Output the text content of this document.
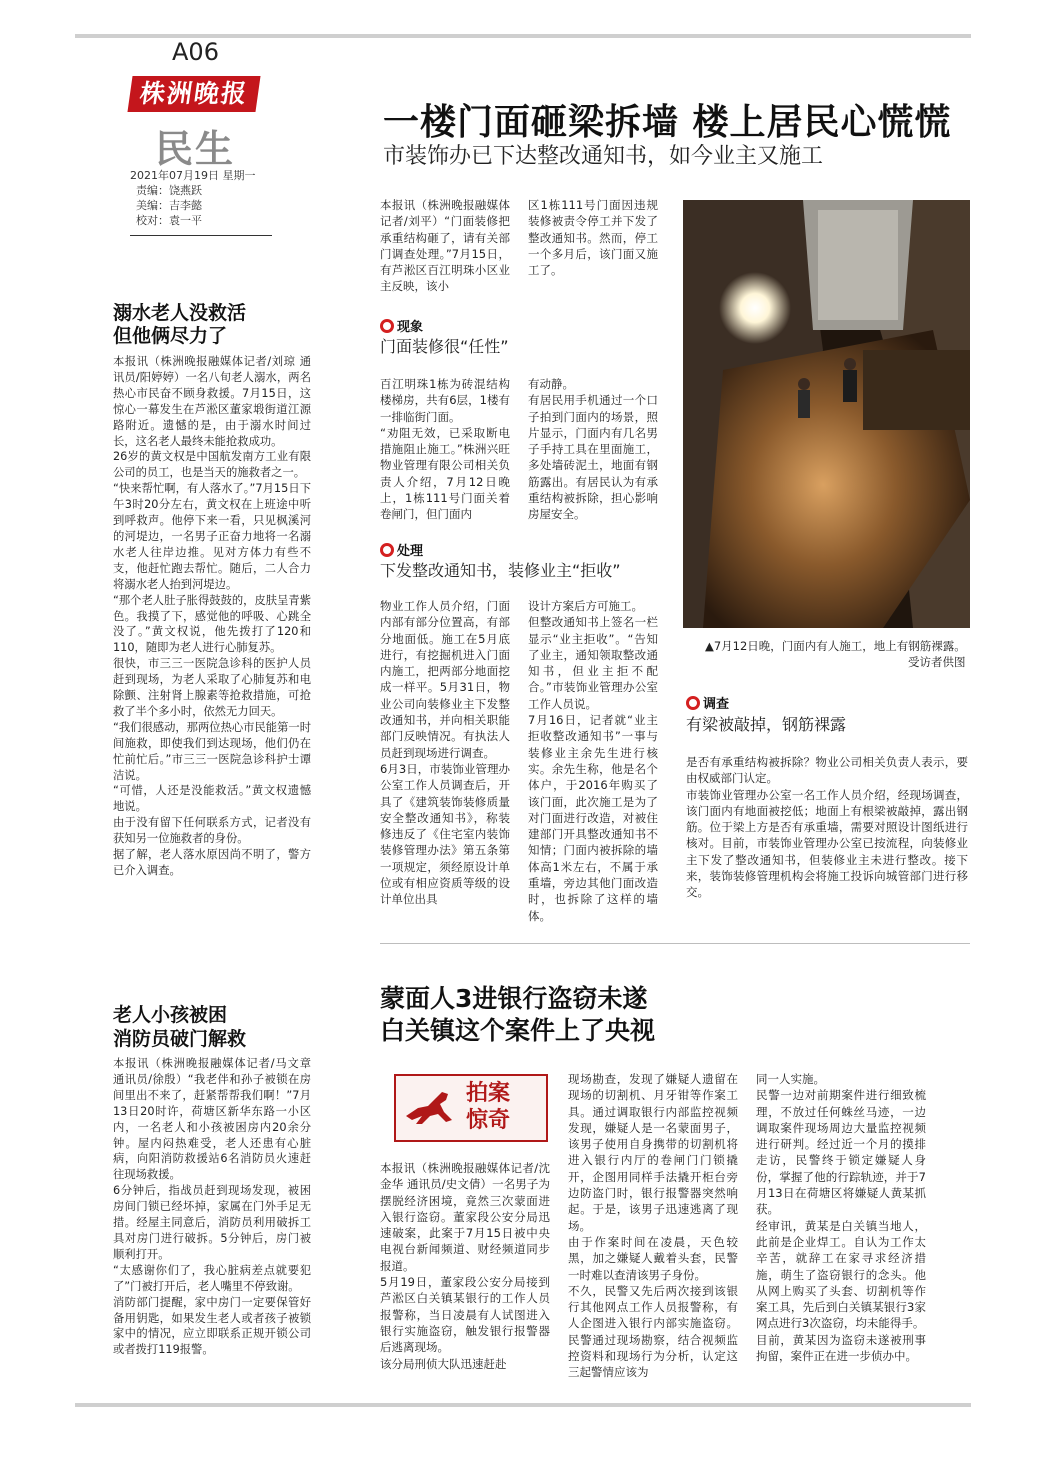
A06
株洲晚报
民生
2021年07月19日 星期一
责编：饶燕跃
美编：吉李懿
校对：袁一平
一楼门面砸梁拆墙 楼上居民心慌慌
市装饰办已下达整改通知书，如今业主又施工

本报讯（株洲晚报融媒体记者/刘平）“门面装修把承重结构砸了，请有关部门调查处理。”7月15日，有芦淞区百江明珠小区业主反映，该小

区1栋111号门面因违规装修被责令停工并下发了整改通知书。然而，停工一个多月后，该门面又施工了。

现象
门面装修很“任性”

百江明珠1栋为砖混结构楼梯房，共有6层，1楼有一排临街门面。
“劝阻无效，已采取断电措施阻止施工。”株洲兴旺物业管理有限公司相关负责人介绍，7月12日晚上，1栋111号门面关着卷闸门，但门面内

有动静。
有居民用手机通过一个口子拍到门面内的场景，照片显示，门面内有几名男子手持工具在里面施工，多处墙砖泥土，地面有钢筋露出。有居民认为有承重结构被拆除，担心影响房屋安全。

处理
下发整改通知书，装修业主“拒收”

物业工作人员介绍，门面内部有部分位置高，有部分地面低。施工在5月底进行，有挖掘机进入门面内施工，把两部分地面挖成一样平。5月31日，物业公司向装修业主下发整改通知书，并向相关职能部门反映情况。有执法人员赶到现场进行调查。
6月3日，市装饰业管理办公室工作人员调查后，开具了《建筑装饰装修质量安全整改通知书》，称装修违反了《住宅室内装饰装修管理办法》第五条第一项规定，须经原设计单位或有相应资质等级的设计单位出具

设计方案后方可施工。
但整改通知书上签名一栏显示“业主拒收”。“告知了业主，通知领取整改通知书，但业主拒不配合。”市装饰业管理办公室工作人员说。
7月16日，记者就“业主拒收整改通知书”一事与装修业主余先生进行核实。余先生称，他是名个体户，于2016年购买了该门面，此次施工是为了对门面进行改造，对被住建部门开具整改通知书不知情；门面内被拆除的墙体高1米左右，不属于承重墙，旁边其他门面改造时，也拆除了这样的墙体。

▲7月12日晚，门面内有人施工，地上有钢筋裸露。
受访者供图
调查
有梁被敲掉，钢筋裸露

是否有承重结构被拆除？物业公司相关负责人表示，要由权威部门认定。
市装饰业管理办公室一名工作人员介绍，经现场调查，该门面内有地面被挖低；地面上有根梁被敲掉，露出钢筋。位于梁上方是否有承重墙，需要对照设计图纸进行核对。目前，市装饰业管理办公室已按流程，向装修业主下发了整改通知书，但装修业主未进行整改。接下来，装饰装修管理机构会将施工投诉向城管部门进行移交。

溺水老人没救活
但他俩尽力了

本报讯（株洲晚报融媒体记者/刘琼 通讯员/阳婷婷）一名八旬老人溺水，两名热心市民奋不顾身救援。7月15日，这惊心一幕发生在芦淞区董家塅街道江源路附近。遗憾的是，由于溺水时间过长，这名老人最终未能抢救成功。
26岁的黄文权是中国航发南方工业有限公司的员工，也是当天的施救者之一。
“快来帮忙啊，有人落水了。”7月15日下午3时20分左右，黄文权在上班途中听到呼救声。他停下来一看，只见枫溪河的河堤边，一名男子正奋力地将一名溺水老人往岸边推。见对方体力有些不支，他赶忙跑去帮忙。随后，二人合力将溺水老人抬到河堤边。
“那个老人肚子胀得鼓鼓的，皮肤呈青紫色。我摸了下，感觉他的呼吸、心跳全没了。”黄文权说，他先拨打了120和110，随即为老人进行心肺复苏。
很快，市三三一医院急诊科的医护人员赶到现场，为老人采取了心肺复苏和电除颤、注射肾上腺素等抢救措施，可抢救了半个多小时，依然无力回天。
“我们很感动，那两位热心市民能第一时间施救，即使我们到达现场，他们仍在忙前忙后。”市三三一医院急诊科护士谭洁说。
“可惜，人还是没能救活。”黄文权遗憾地说。
由于没有留下任何联系方式，记者没有获知另一位施救者的身份。
据了解，老人落水原因尚不明了，警方已介入调查。

老人小孩被困
消防员破门解救

本报讯（株洲晚报融媒体记者/马文章 通讯员/徐殷）“我老伴和孙子被锁在房间里出不来了，赶紧帮帮我们啊！”7月13日20时许，荷塘区新华东路一小区内，一名老人和小孩被困房内20余分钟。屋内闷热难受，老人还患有心脏病，向阳消防救援站6名消防员火速赶往现场救援。
6分钟后，指战员赶到现场发现，被困房间门锁已经坏掉，家属在门外手足无措。经屋主同意后，消防员利用破拆工具对房门进行破拆。5分钟后，房门被顺利打开。
“太感谢你们了，我心脏病差点就要犯了”门被打开后，老人嘴里不停致谢。
消防部门提醒，家中房门一定要保管好备用钥匙，如果发生老人或者孩子被锁家中的情况，应立即联系正规开锁公司或者拨打119报警。

蒙面人3进银行盗窃未遂
白关镇这个案件上了央视
拍案
惊奇

本报讯（株洲晚报融媒体记者/沈金华 通讯员/史文倩）一名男子为摆脱经济困境，竟然三次蒙面进入银行盗窃。董家段公安分局迅速破案，此案于7月15日被中央电视台新闻频道、财经频道同步报道。
5月19日，董家段公安分局接到芦淞区白关镇某银行的工作人员报警称，当日凌晨有人试图进入银行实施盗窃，触发银行报警器后逃离现场。
该分局刑侦大队迅速赶赴

现场勘查，发现了嫌疑人遗留在现场的切割机、月牙钳等作案工具。通过调取银行内部监控视频发现，嫌疑人是一名蒙面男子，该男子使用自身携带的切割机将进入银行内厅的卷闸门门锁撬开，企图用同样手法撬开柜台旁边防盗门时，银行报警器突然响起。于是，该男子迅速逃离了现场。
由于作案时间在凌晨，天色较黑，加之嫌疑人戴着头套，民警一时难以查清该男子身份。
不久，民警又先后两次接到该银行其他网点工作人员报警称，有人企图进入银行内部实施盗窃。民警通过现场勘察，结合视频监控资料和现场行为分析，认定这三起警情应该为

同一人实施。
民警一边对前期案件进行细致梳理，不放过任何蛛丝马迹，一边调取案件现场周边大量监控视频进行研判。经过近一个月的摸排走访，民警终于锁定嫌疑人身份，掌握了他的行踪轨迹，并于7月13日在荷塘区将嫌疑人黄某抓获。
经审讯，黄某是白关镇当地人，此前是企业焊工。自认为工作太辛苦，就辞工在家寻求经济措施，萌生了盗窃银行的念头。他从网上购买了头套、切割机等作案工具，先后到白关镇某银行3家网点进行3次盗窃，均未能得手。
目前，黄某因为盗窃未遂被刑事拘留，案件正在进一步侦办中。
